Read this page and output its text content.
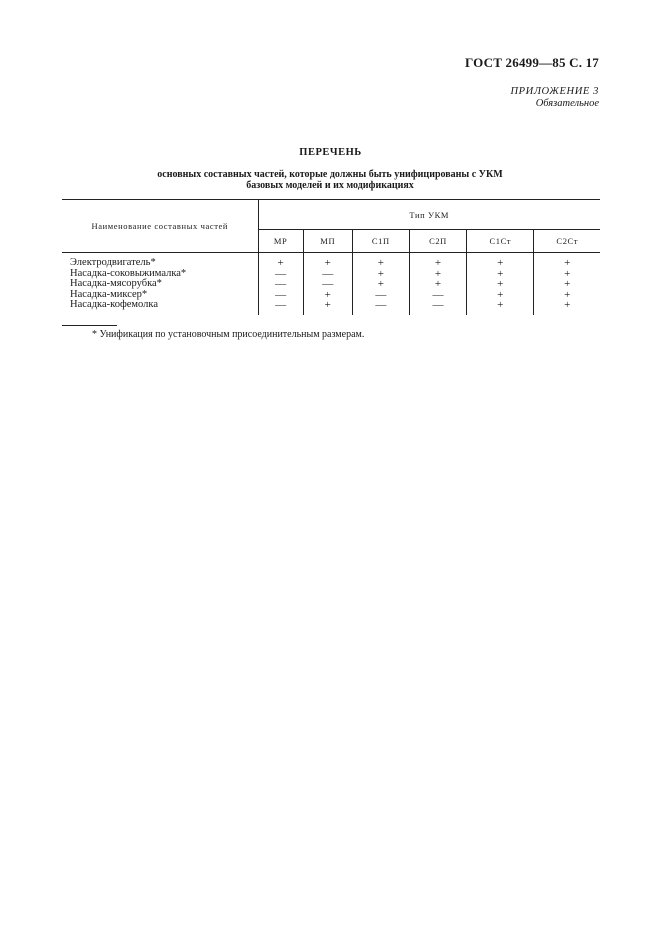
ГОСТ 26499—85 С. 17
ПРИЛОЖЕНИЕ 3
Обязательное
ПЕРЕЧЕНЬ
основных составных частей, которые должны быть унифицированы с УКМ
базовых моделей и их модификациях
Наименование составных частей	Тип УКМ					
	МР	МП	С1П	С2П	С1Ст	С2Ст
Электродвигатель*	+	+	+	+	+	+
Насадка-соковыжималка*	—	—	+	+	+	+
Насадка-мясорубка*	—	—	+	+	+	+
Насадка-миксер*	—	+	—	—	+	+
Насадка-кофемолка	—	+	—	—	+	+
* Унификация по установочным присоединительным размерам.
